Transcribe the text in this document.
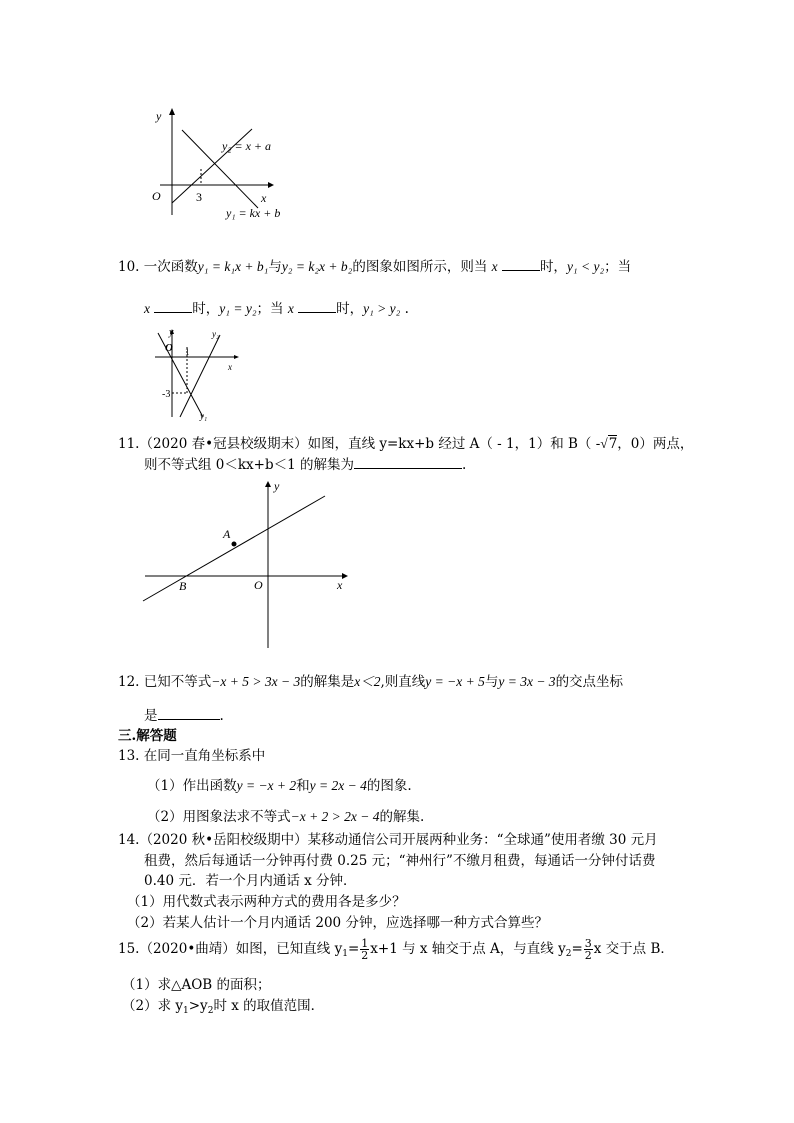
y
x
O	3
y₂ = x + a
y₁ = kx + b
10. 一次函数y₁ = k₁x + b₁与y₂ = k₂x + b₂的图象如图所示，则当 x	时，y₁ < y₂；当
x	时，y₁ = y₂；当 x	时，y₁ > y₂ .
y
O 1
-3
x
y₂
y₁
11.（2020 春•冠县校级期末）如图，直线 y=kx+b 经过 A（ - 1，1）和 B（ -√7，0）两点，
则不等式组 0＜kx+b＜1 的解集为	.
A
B	O
y
x
12. 已知不等式−x + 5 > 3x − 3的解集是x＜2,则直线y = −x + 5与y = 3x − 3的交点坐标
是	.
三.解答题
13. 在同一直角坐标系中
（1）作出函数y = −x + 2和y = 2x − 4的图象.
（2）用图象法求不等式−x + 2 > 2x − 4的解集.
14.（2020 秋•岳阳校级期中）某移动通信公司开展两种业务：“全球通”使用者缴 30 元月
租费，然后每通话一分钟再付费 0.25 元；“神州行”不缴月租费，每通话一分钟付话费
0.40 元．若一个月内通话 x 分钟．
（1）用代数式表示两种方式的费用各是多少？
（2）若某人估计一个月内通话 200 分钟，应选择哪一种方式合算些？
15.（2020•曲靖）如图，已知直线 $y_1= \frac{1}{2} x+1$ 与 x 轴交于点 A，与直线 $y_2= \frac{3}{2}$ x 交于点 B．
（1）求△AOB 的面积；
（2）求 $y_1>y_2$时 x 的取值范围．
